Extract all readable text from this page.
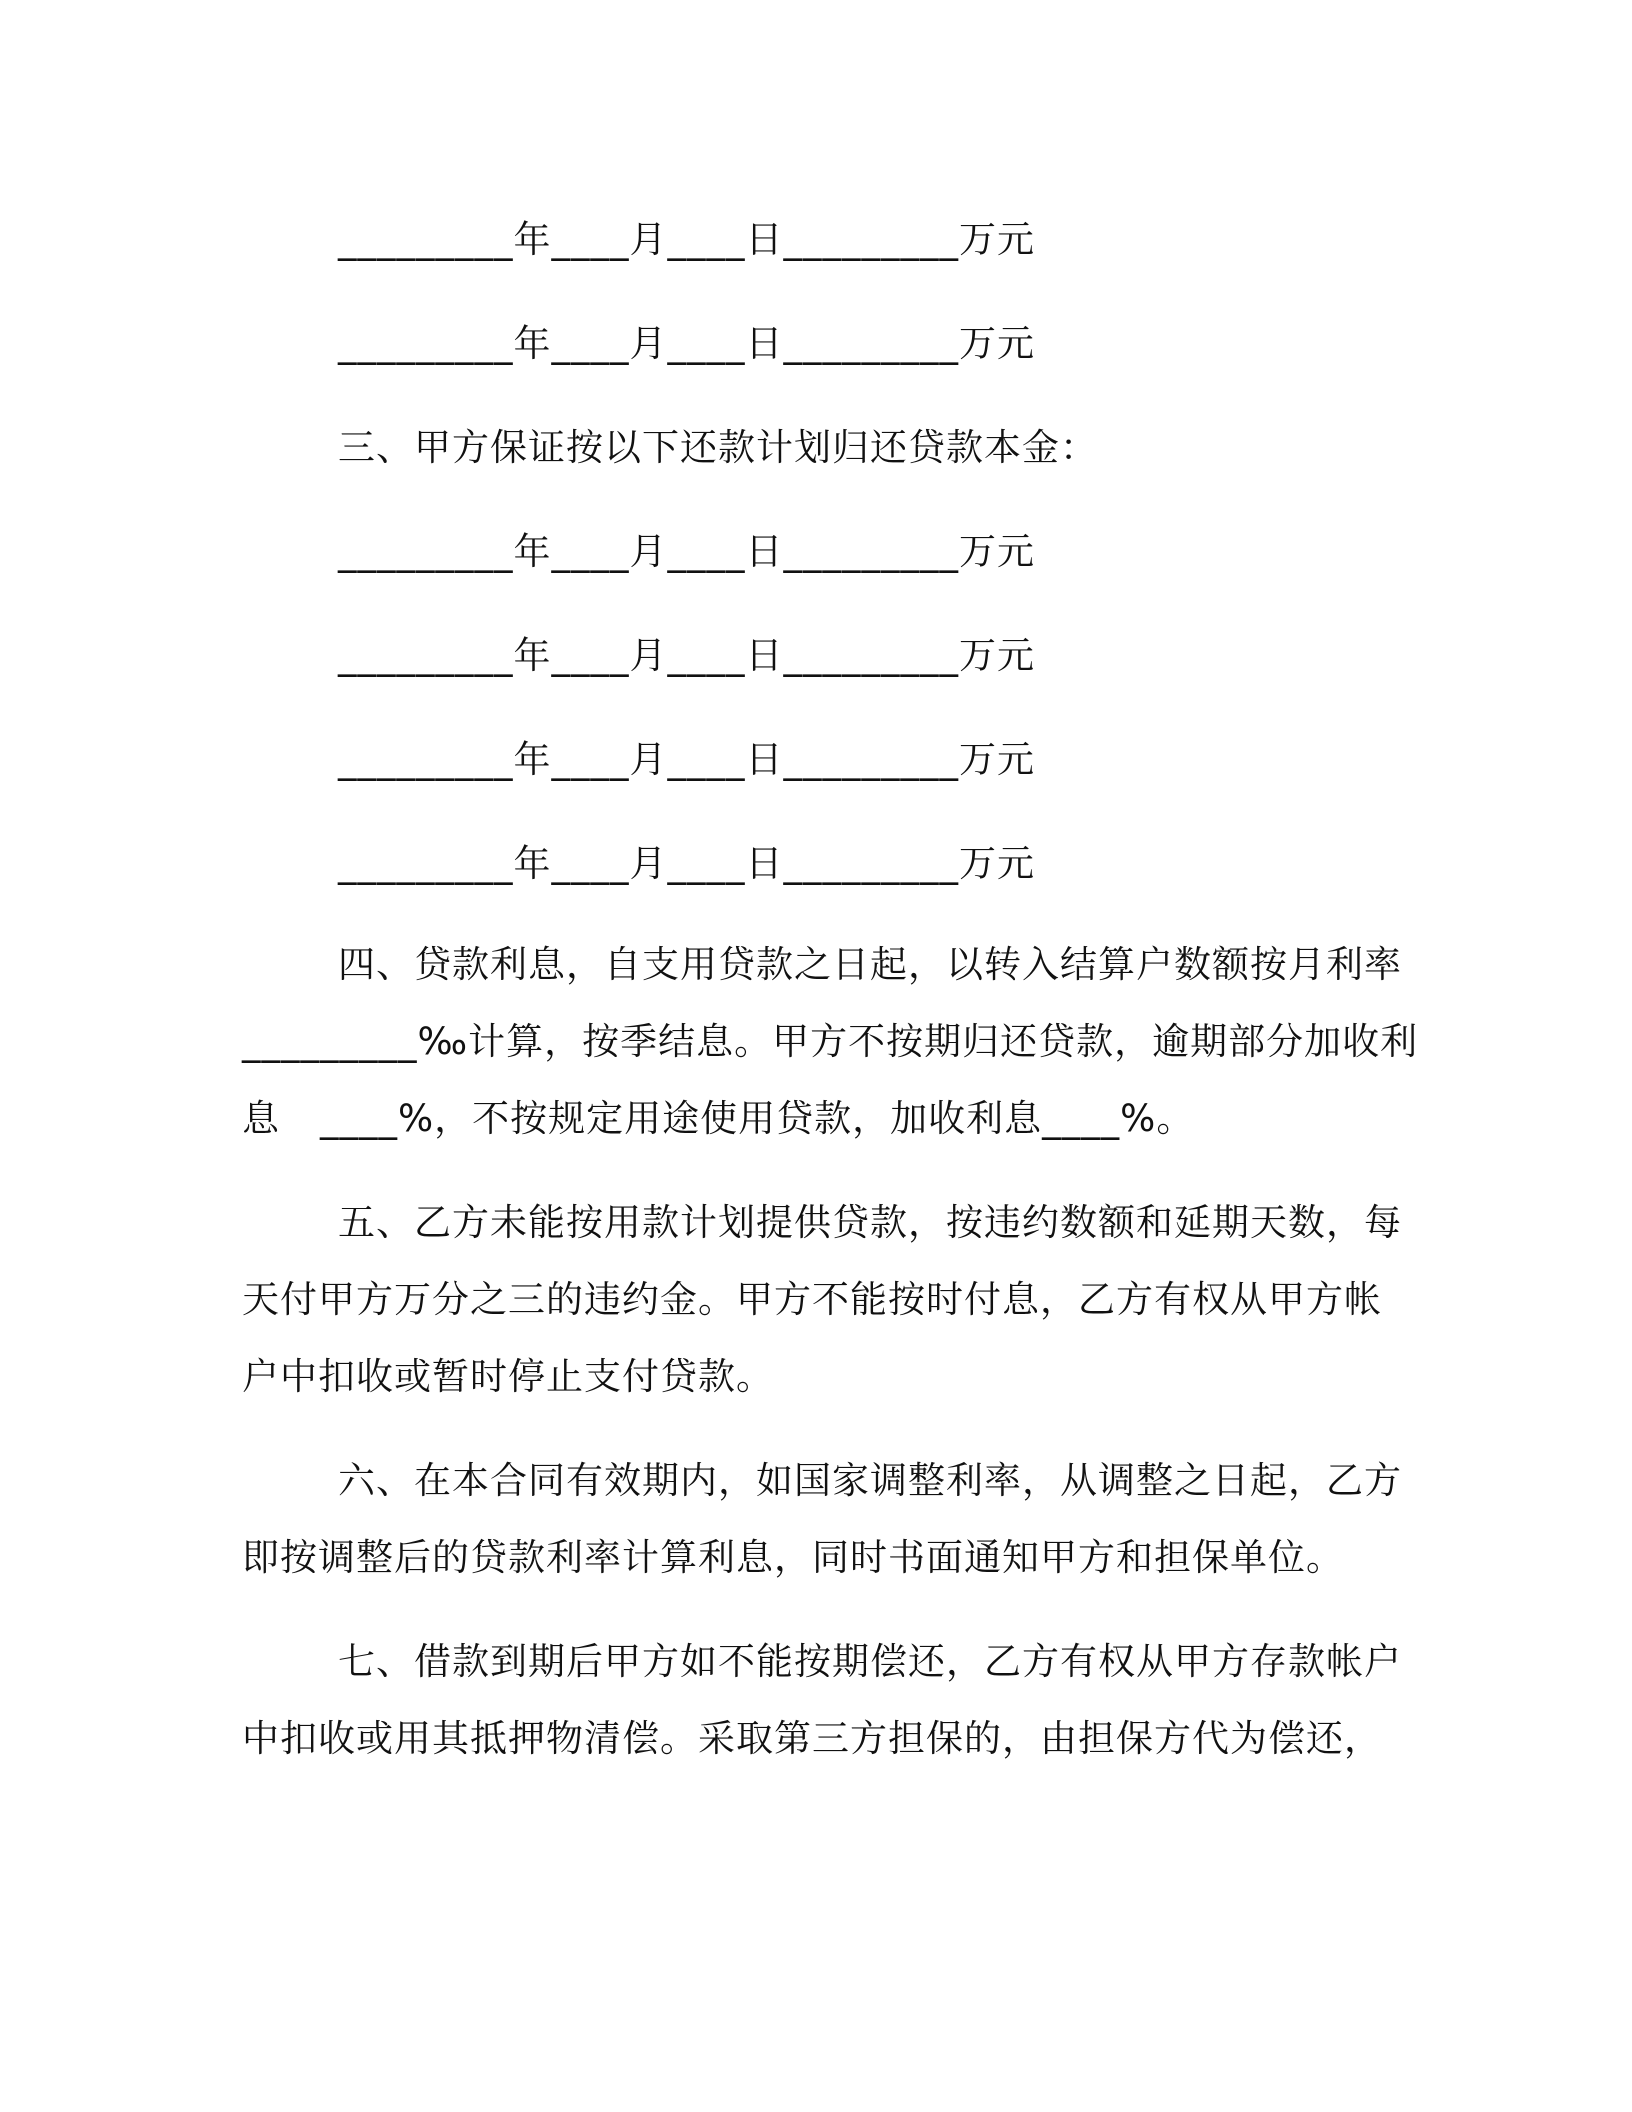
_________年____月____日_________万元
_________年____月____日_________万元
三、甲方保证按以下还款计划归还贷款本金：
_________年____月____日_________万元
_________年____月____日_________万元
_________年____月____日_________万元
_________年____月____日_________万元
四、贷款利息，自支用贷款之日起，以转入结算户数额按月利率
_________‰计算，按季结息。甲方不按期归还贷款，逾期部分加收利
息 ____%，不按规定用途使用贷款，加收利息____%。
五、乙方未能按用款计划提供贷款，按违约数额和延期天数，每
天付甲方万分之三的违约金。甲方不能按时付息，乙方有权从甲方帐
户中扣收或暂时停止支付贷款。
六、在本合同有效期内，如国家调整利率，从调整之日起，乙方
即按调整后的贷款利率计算利息，同时书面通知甲方和担保单位。
七、借款到期后甲方如不能按期偿还，乙方有权从甲方存款帐户
中扣收或用其抵押物清偿。采取第三方担保的，由担保方代为偿还，
